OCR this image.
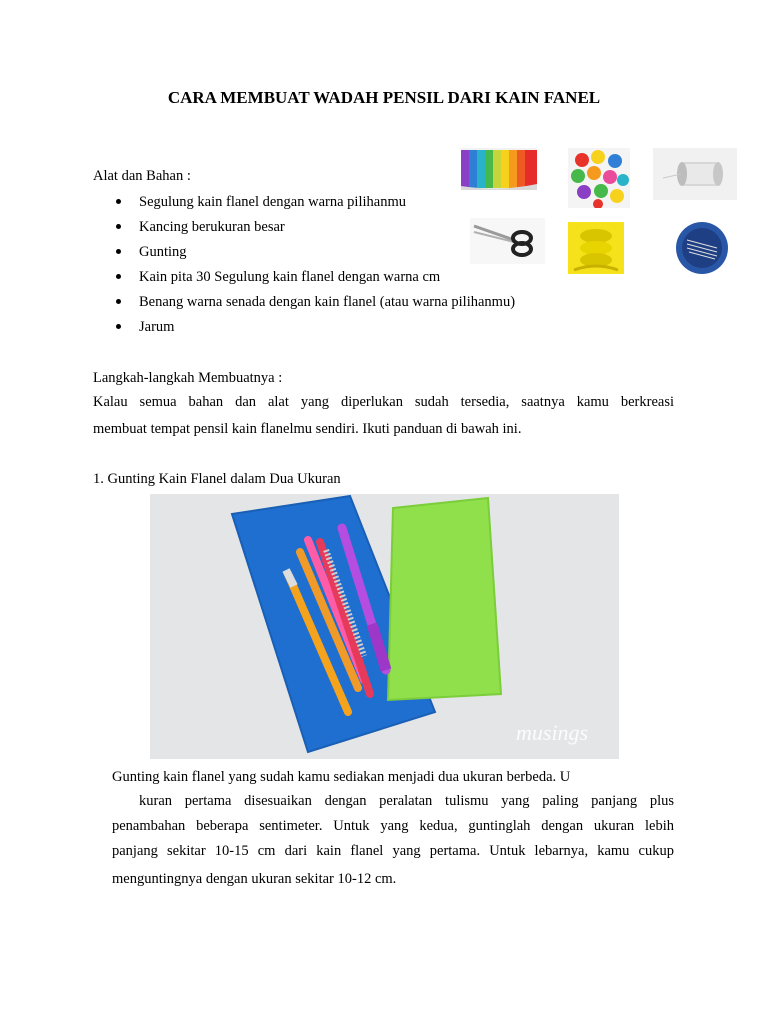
CARA MEMBUAT WADAH PENSIL DARI KAIN FANEL
Alat dan Bahan :
Segulung kain flanel dengan warna pilihanmu
Kancing berukuran besar
Gunting
Kain pita 30 Segulung kain flanel dengan warna cm
Benang warna senada dengan kain flanel (atau warna pilihanmu)
Jarum
Langkah-langkah Membuatnya :
Kalau semua bahan dan alat yang diperlukan sudah tersedia, saatnya kamu berkreasi
membuat tempat pensil kain flanelmu sendiri. Ikuti panduan di bawah ini.
1. Gunting Kain Flanel dalam Dua Ukuran
musings
Gunting kain flanel yang sudah kamu sediakan menjadi dua ukuran berbeda. U
kuran pertama disesuaikan dengan peralatan tulismu yang paling panjang plus
penambahan beberapa sentimeter. Untuk yang kedua, guntinglah dengan ukuran lebih
panjang sekitar 10-15 cm dari kain flanel yang pertama. Untuk lebarnya, kamu cukup
menguntingnya dengan ukuran sekitar 10-12 cm.
